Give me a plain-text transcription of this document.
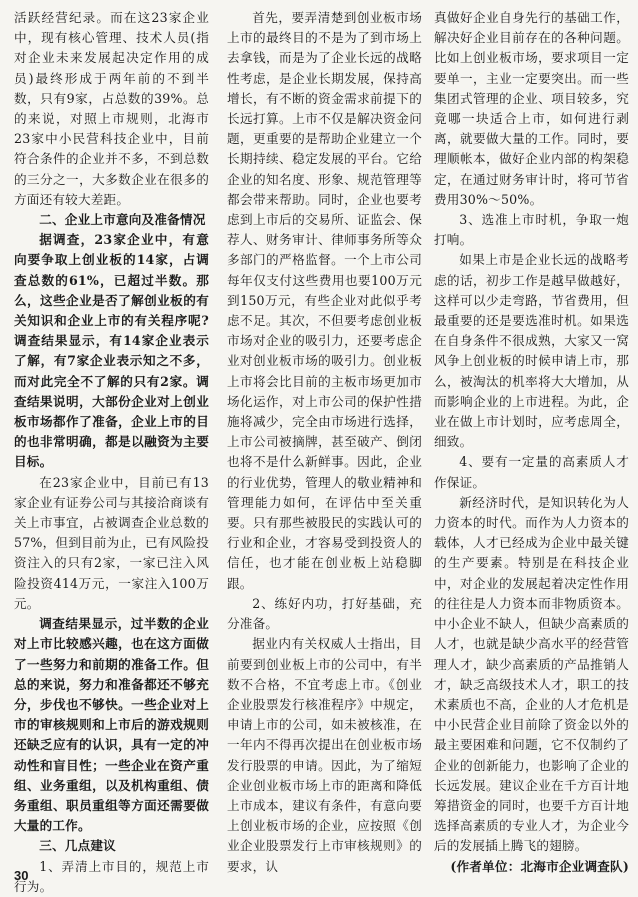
活跃经营纪录。而在这23家企业中，现有核心管理、技术人员(指对企业未来发展起决定作用的成员)最终形成于两年前的不到半数，只有9家，占总数的39%。总的来说，对照上市规则，北海市23家中小民营科技企业中，目前符合条件的企业并不多，不到总数的三分之一，大多数企业在很多的方面还有较大差距。

二、企业上市意向及准备情况

据调查，23家企业中，有意向要争取上创业板的14家，占调查总数的61%，已超过半数。那么，这些企业是否了解创业板的有关知识和企业上市的有关程序呢?调查结果显示，有14家企业表示了解，有7家企业表示知之不多，而对此完全不了解的只有2家。调查结果说明，大部份企业对上创业板市场都作了准备，企业上市的目的也非常明确，都是以融资为主要目标。

在23家企业中，目前已有13家企业有证券公司与其接洽商谈有关上市事宜，占被调查企业总数的57%，但到目前为止，已有风险投资注入的只有2家，一家已注入风险投资414万元，一家注入100万元。

调查结果显示，过半数的企业对上市比较感兴趣，也在这方面做了一些努力和前期的准备工作。但总的来说，努力和准备都还不够充分，步伐也不够快。一些企业对上市的审核规则和上市后的游戏规则还缺乏应有的认识，具有一定的冲动性和盲目性；一些企业在资产重组、业务重组，以及机构重组、债务重组、职员重组等方面还需要做大量的工作。

三、几点建议

1、弄清上市目的，规范上市行为。

首先，要弄清楚到创业板市场上市的最终目的不是为了到市场上去拿钱，而是为了企业长远的战略性考虑，是企业长期发展，保持高增长，有不断的资金需求前提下的长远打算。上市不仅是解决资金问题，更重要的是帮助企业建立一个长期持续、稳定发展的平台。它给企业的知名度、形象、规范管理等都会带来帮助。同时，企业也要考虑到上市后的交易所、证监会、保荐人、财务审计、律师事务所等众多部门的严格监督。一个上市公司每年仅支付这些费用也要100万元到150万元，有些企业对此似乎考虑不足。其次，不但要考虑创业板市场对企业的吸引力，还要考虑企业对创业板市场的吸引力。创业板上市将会比目前的主板市场更加市场化运作，对上市公司的保护性措施将减少，完全由市场进行选择，上市公司被摘牌，甚至破产、倒闭也将不是什么新鲜事。因此，企业的行业优势，管理人的敬业精神和管理能力如何，在评估中至关重要。只有那些被股民的实践认可的行业和企业，才容易受到投资人的信任，也才能在创业板上站稳脚跟。

2、练好内功，打好基础，充分准备。

据业内有关权威人士指出，目前要到创业板上市的公司中，有半数不合格，不宜考虑上市。《创业企业股票发行核准程序》中规定，申请上市的公司，如未被核准，在一年内不得再次提出在创业板市场发行股票的申请。因此，为了缩短企业创业板市场上市的距离和降低上市成本，建议有条件，有意向要上创业板市场的企业，应按照《创业企业股票发行上市审核规则》的要求，认

真做好企业自身先行的基础工作，解决好企业目前存在的各种问题。比如上创业板市场，要求项目一定要单一，主业一定要突出。而一些集团式管理的企业、项目较多，究竟哪一块适合上市，如何进行剥离，就要做大量的工作。同时，要理顺帐本，做好企业内部的构架稳定，在通过财务审计时，将可节省费用30%～50%。

3、选准上市时机，争取一炮打响。

如果上市是企业长远的战略考虑的话，初步工作是越早做越好，这样可以少走弯路，节省费用，但最重要的还是要选准时机。如果选在自身条件不很成熟，大家又一窝风争上创业板的时候申请上市，那么，被淘汰的机率将大大增加，从而影响企业的上市进程。为此，企业在做上市计划时，应考虑周全，细致。

4、要有一定量的高素质人才作保证。

新经济时代，是知识转化为人力资本的时代。而作为人力资本的载体，人才已经成为企业中最关键的生产要素。特别是在科技企业中，对企业的发展起着决定性作用的往往是人力资本而非物质资本。中小企业不缺人，但缺少高素质的人才，也就是缺少高水平的经营管理人才，缺少高素质的产品推销人才，缺乏高级技术人才，职工的技术素质也不高，企业的人才危机是中小民营企业目前除了资金以外的最主要困难和问题，它不仅制约了企业的创新能力，也影响了企业的长远发展。建议企业在千方百计地筹措资金的同时，也要千方百计地选择高素质的专业人才，为企业今后的发展插上腾飞的翅膀。

(作者单位：北海市企业调查队)

30
